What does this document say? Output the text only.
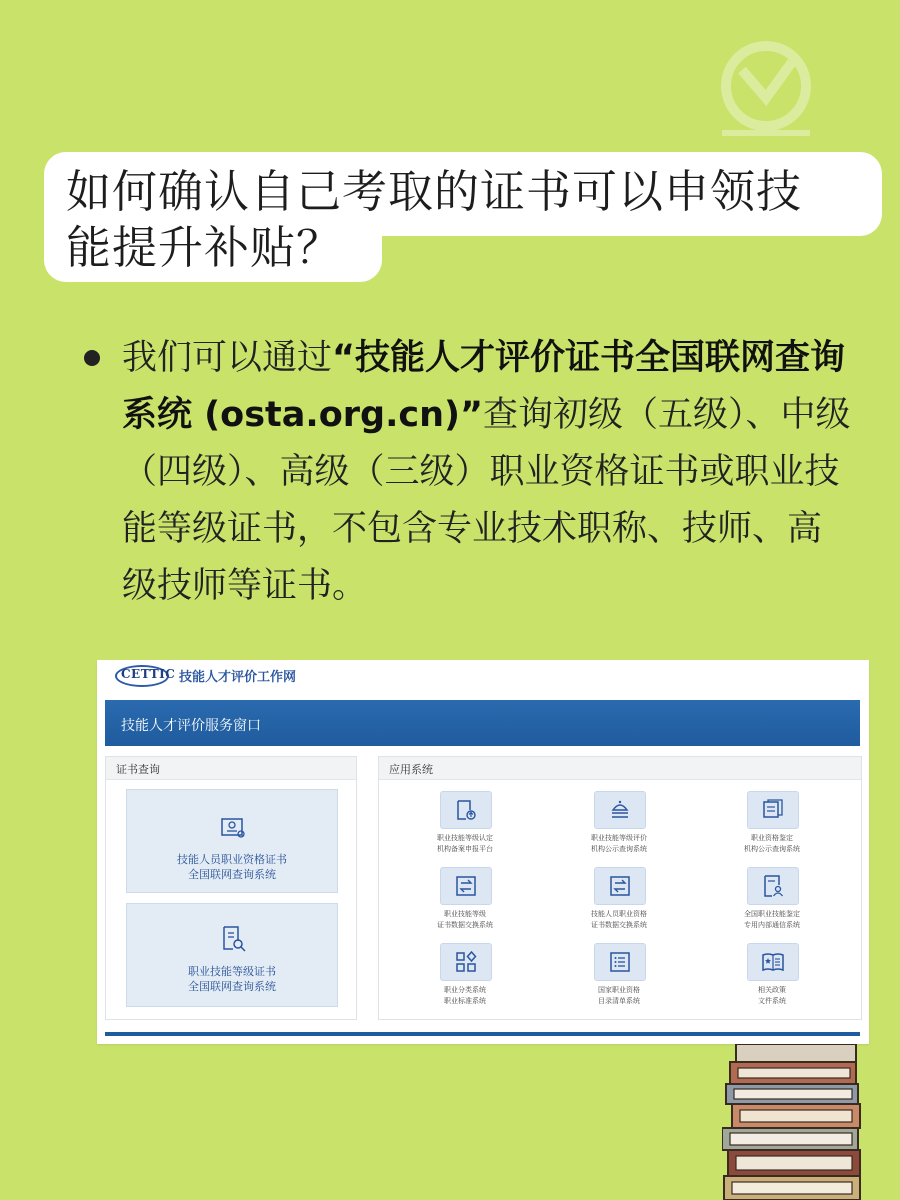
如何确认自己考取的证书可以申领技
能提升补贴？
我们可以通过“技能人才评价证书全国联网查询系统 (osta.org.cn)”查询初级（五级）、中级（四级）、高级（三级）职业资格证书或职业技能等级证书，不包含专业技术职称、技师、高级技师等证书。
CETTIC 技能人才评价工作网
技能人才评价服务窗口
证书查询
技能人员职业资格证书
全国联网查询系统
职业技能等级证书
全国联网查询系统
应用系统
职业技能等级认定
机构备案申报平台
职业技能等级评价
机构公示查询系统
职业资格鉴定
机构公示查询系统
职业技能等级
证书数据交换系统
技能人员职业资格
证书数据交换系统
全国职业技能鉴定
专用内部通信系统
职业分类系统
职业标准系统
国家职业资格
目录清单系统
相关政策
文件系统
